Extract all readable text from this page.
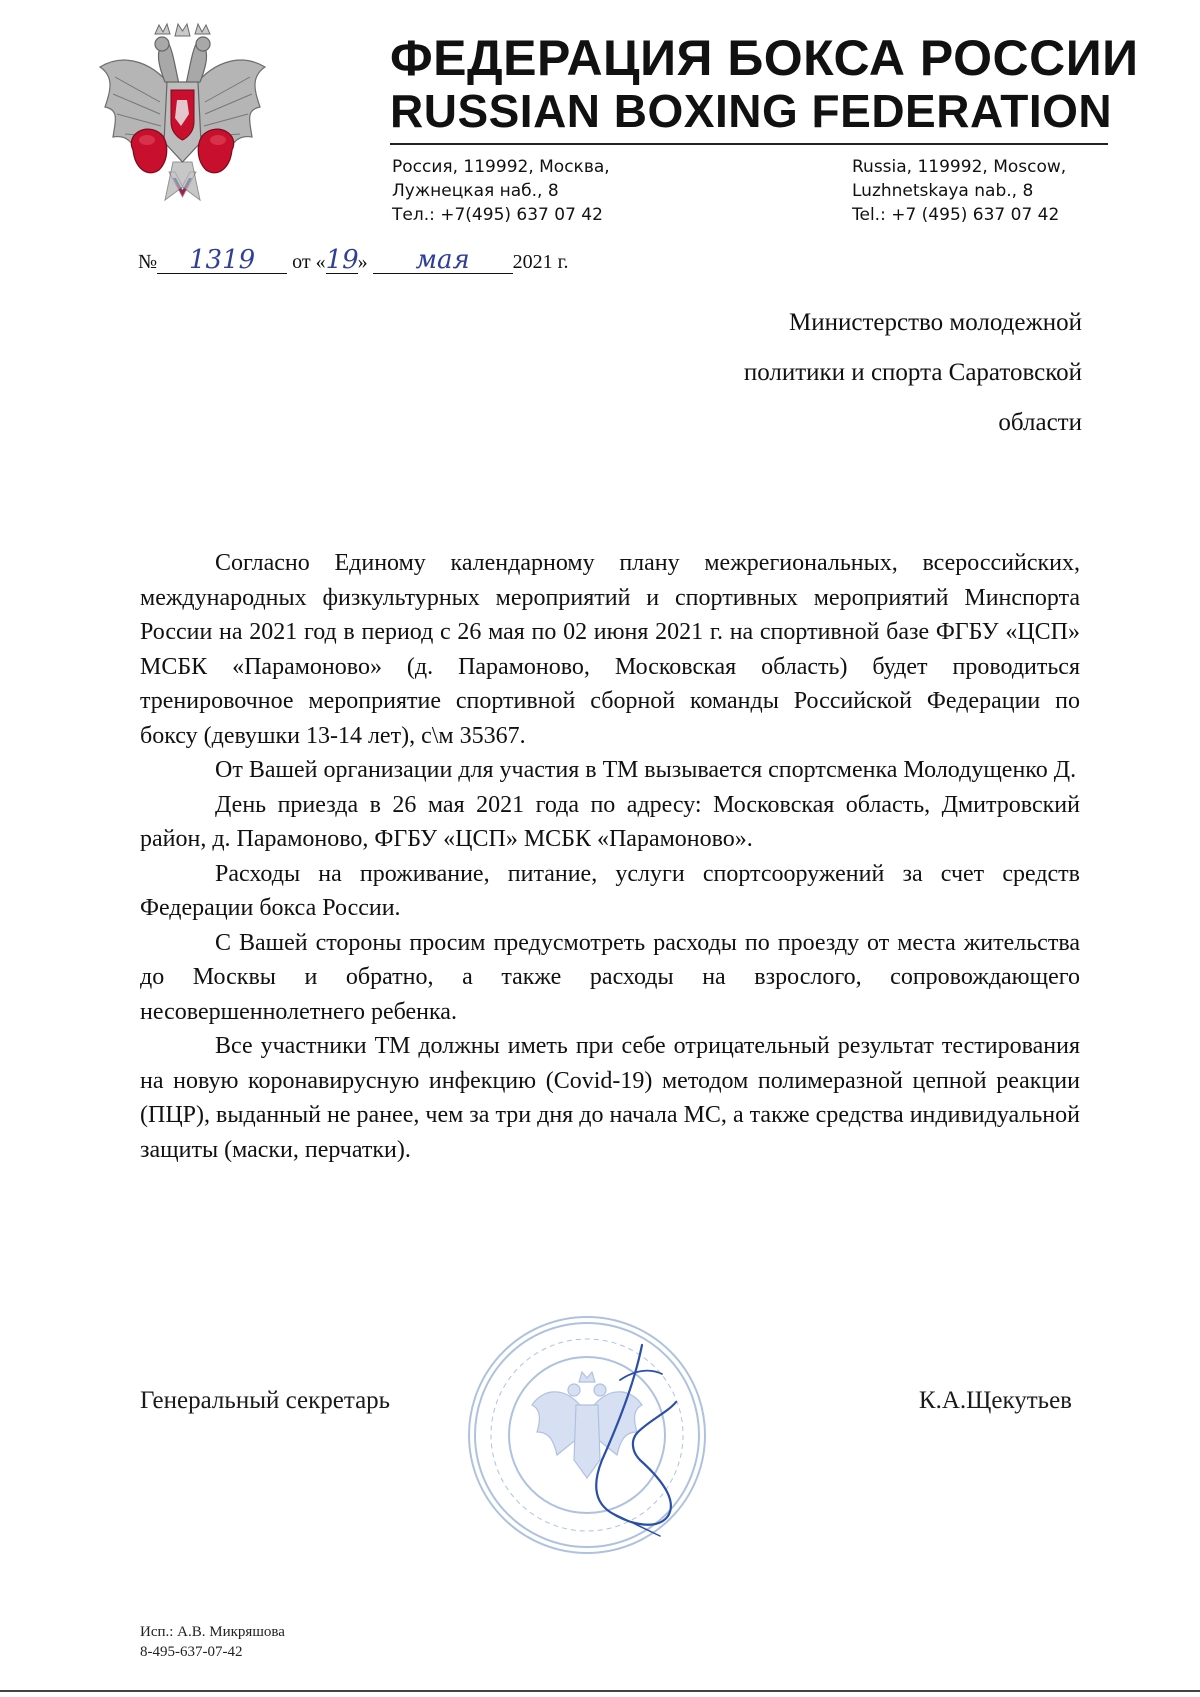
ФЕДЕРАЦИЯ БОКСА РОССИИ
RUSSIAN BOXING FEDERATION
Россия, 119992, Москва,
Лужнецкая наб., 8
Тел.: +7(495) 637 07 42
Russia, 119992, Moscow,
Luzhnetskaya nab., 8
Tel.: +7 (495) 637 07 42
№ 1319 от «19» мая 2021 г.
Министерство молодежной
политики и спорта Саратовской
области

Согласно Единому календарному плану межрегиональных, всероссийских, международных физкультурных мероприятий и спортивных мероприятий Минспорта России на 2021 год в период с 26 мая по 02 июня 2021 г. на спортивной базе ФГБУ «ЦСП» МСБК «Парамоново» (д. Парамоново, Московская область) будет проводиться тренировочное мероприятие спортивной сборной команды Российской Федерации по боксу (девушки 13-14 лет), с\м 35367.

От Вашей организации для участия в ТМ вызывается спортсменка Молодущенко Д.

День приезда в 26 мая 2021 года по адресу: Московская область, Дмитровский район, д. Парамоново, ФГБУ «ЦСП» МСБК «Парамоново».

Расходы на проживание, питание, услуги спортсооружений за счет средств Федерации бокса России.

С Вашей стороны просим предусмотреть расходы по проезду от места жительства до Москвы и обратно, а также расходы на взрослого, сопровождающего несовершеннолетнего ребенка.

Все участники ТМ должны иметь при себе отрицательный результат тестирования на новую коронавирусную инфекцию (Covid-19) методом полимеразной цепной реакции (ПЦР), выданный не ранее, чем за три дня до начала МС, а также средства индивидуальной защиты (маски, перчатки).

Генеральный секретарь	К.А.Щекутьев
Исп.: А.В. Микряшова
8-495-637-07-42
